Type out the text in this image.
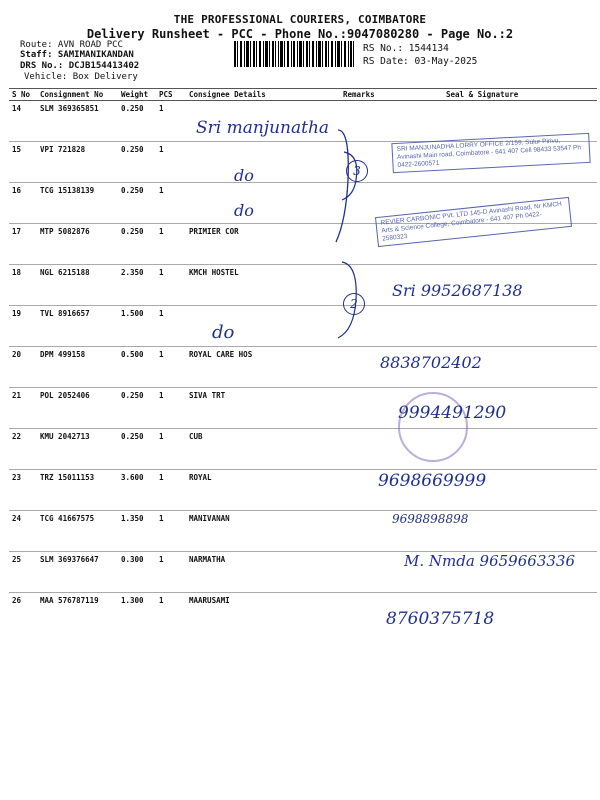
THE PROFESSIONAL COURIERS, COIMBATORE
Delivery Runsheet - PCC - Phone No.:9047080280 - Page No.:2
Route: AVN ROAD PCC
Staff: SAMIMANIKANDAN
DRS No.: DCJB154413402
Vehicle: Box Delivery
RS No.: 1544134
RS Date: 03-May-2025
S No	Consignment No	Weight	PCS	Consignee Details	Remarks	Seal & Signature
14	SLM 369365851	0.250	1			
15	VPI 721828	0.250	1			
16	TCG 15138139	0.250	1			
17	MTP 5082876	0.250	1	PRIMIER COR		
18	NGL 6215188	2.350	1	KMCH HOSTEL		
19	TVL 8916657	1.500	1			
20	DPM 499158	0.500	1	ROYAL CARE HOS		
21	POL 2052406	0.250	1	SIVA TRT		
22	KMU 2042713	0.250	1	CUB		
23	TRZ 15011153	3.600	1	ROYAL		
24	TCG 41667575	1.350	1	MANIVANAN		
25	SLM 369376647	0.300	1	NARMATHA		
26	MAA 576787119	1.300	1	MAARUSAMI		
3
2
Sri manjunatha
do
do
do
SRI MANJUNADHA LORRY OFFICE 2/159, Sulur Pirivu, Avinashi Main road, Coimbatore - 641 407 Cell 98433 53547 Ph 0422-2600571
REVIER CARBONIC PVt. LTD 145-D Avinashi Road, Nr KMCH Arts & Science College, Coimbatore - 641 407 Ph 0422-2580323
Sri 9952687138
8838702402
9994491290
9698669999
9698898898
M. Nmda 9659663336
8760375718
